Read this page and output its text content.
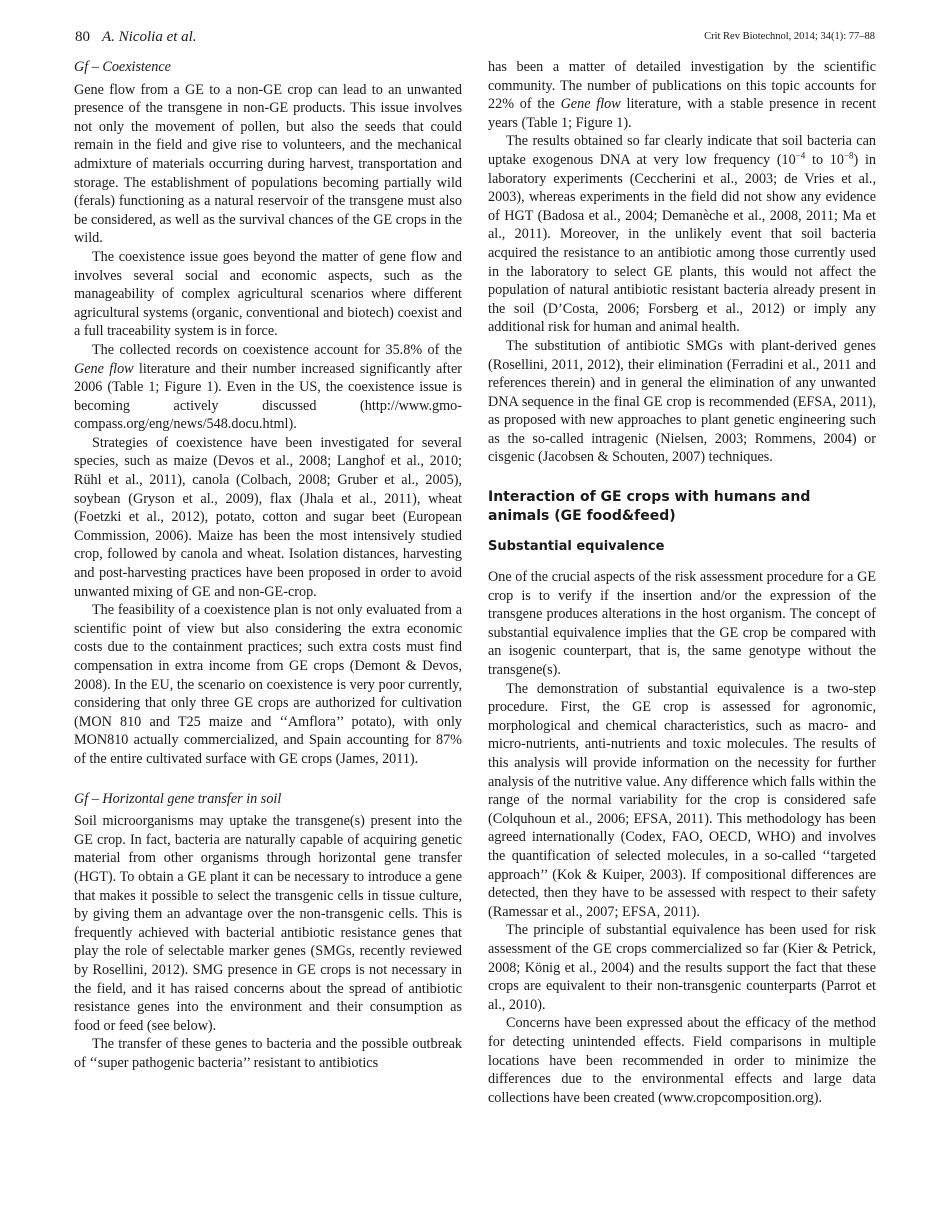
80 A. Nicolia et al.	Crit Rev Biotechnol, 2014; 34(1): 77–88
Gf – Coexistence

Gene flow from a GE to a non-GE crop can lead to an unwanted presence of the transgene in non-GE products. This issue involves not only the movement of pollen, but also the seeds that could remain in the field and give rise to volunteers, and the mechanical admixture of materials occurring during harvest, transportation and storage. The establishment of populations becoming partially wild (ferals) functioning as a natural reservoir of the transgene must also be considered, as well as the survival chances of the GE crops in the wild.

The coexistence issue goes beyond the matter of gene flow and involves several social and economic aspects, such as the manageability of complex agricultural scenarios where different agricultural systems (organic, conventional and biotech) coexist and a full traceability system is in force.

The collected records on coexistence account for 35.8% of the Gene flow literature and their number increased significantly after 2006 (Table 1; Figure 1). Even in the US, the coexistence issue is becoming actively discussed (http://www.gmo-compass.org/eng/news/548.docu.html).

Strategies of coexistence have been investigated for several species, such as maize (Devos et al., 2008; Langhof et al., 2010; Rühl et al., 2011), canola (Colbach, 2008; Gruber et al., 2005), soybean (Gryson et al., 2009), flax (Jhala et al., 2011), wheat (Foetzki et al., 2012), potato, cotton and sugar beet (European Commission, 2006). Maize has been the most intensively studied crop, followed by canola and wheat. Isolation distances, harvesting and post-harvesting practices have been proposed in order to avoid unwanted mixing of GE and non-GE-crop.

The feasibility of a coexistence plan is not only evaluated from a scientific point of view but also considering the extra economic costs due to the containment practices; such extra costs must find compensation in extra income from GE crops (Demont & Devos, 2008). In the EU, the scenario on coexistence is very poor currently, considering that only three GE crops are authorized for cultivation (MON 810 and T25 maize and ‘‘Amflora’’ potato), with only MON810 actually commercialized, and Spain accounting for 87% of the entire cultivated surface with GE crops (James, 2011).

Gf – Horizontal gene transfer in soil

Soil microorganisms may uptake the transgene(s) present into the GE crop. In fact, bacteria are naturally capable of acquiring genetic material from other organisms through horizontal gene transfer (HGT). To obtain a GE plant it can be necessary to introduce a gene that makes it possible to select the transgenic cells in tissue culture, by giving them an advantage over the non-transgenic cells. This is frequently achieved with bacterial antibiotic resistance genes that play the role of selectable marker genes (SMGs, recently reviewed by Rosellini, 2012). SMG presence in GE crops is not necessary in the field, and it has raised concerns about the spread of antibiotic resistance genes into the environment and their consumption as food or feed (see below).

The transfer of these genes to bacteria and the possible outbreak of ‘‘super pathogenic bacteria’’ resistant to antibiotics

has been a matter of detailed investigation by the scientific community. The number of publications on this topic accounts for 22% of the Gene flow literature, with a stable presence in recent years (Table 1; Figure 1).

The results obtained so far clearly indicate that soil bacteria can uptake exogenous DNA at very low frequency ($10^{-4}$ to $10^{-8}$) in laboratory experiments (Ceccherini et al., 2003; de Vries et al., 2003), whereas experiments in the field did not show any evidence of HGT (Badosa et al., 2004; Demanèche et al., 2008, 2011; Ma et al., 2011). Moreover, in the unlikely event that soil bacteria acquired the resistance to an antibiotic among those currently used in the laboratory to select GE plants, this would not affect the population of natural antibiotic resistant bacteria already present in the soil (D’Costa, 2006; Forsberg et al., 2012) or imply any additional risk for human and animal health.

The substitution of antibiotic SMGs with plant-derived genes (Rosellini, 2011, 2012), their elimination (Ferradini et al., 2011 and references therein) and in general the elimination of any unwanted DNA sequence in the final GE crop is recommended (EFSA, 2011), as proposed with new approaches to plant genetic engineering such as the so-called intragenic (Nielsen, 2003; Rommens, 2004) or cisgenic (Jacobsen & Schouten, 2007) techniques.

Interaction of GE crops with humans and animals (GE food&feed)
Substantial equivalence

One of the crucial aspects of the risk assessment procedure for a GE crop is to verify if the insertion and/or the expression of the transgene produces alterations in the host organism. The concept of substantial equivalence implies that the GE crop be compared with an isogenic counterpart, that is, the same genotype without the transgene(s).

The demonstration of substantial equivalence is a two-step procedure. First, the GE crop is assessed for agronomic, morphological and chemical characteristics, such as macro- and micro-nutrients, anti-nutrients and toxic molecules. The results of this analysis will provide information on the necessity for further analysis of the nutritive value. Any difference which falls within the range of the normal variability for the crop is considered safe (Colquhoun et al., 2006; EFSA, 2011). This methodology has been agreed internationally (Codex, FAO, OECD, WHO) and involves the quantification of selected molecules, in a so-called ‘‘targeted approach’’ (Kok & Kuiper, 2003). If compositional differences are detected, then they have to be assessed with respect to their safety (Ramessar et al., 2007; EFSA, 2011).

The principle of substantial equivalence has been used for risk assessment of the GE crops commercialized so far (Kier & Petrick, 2008; König et al., 2004) and the results support the fact that these crops are equivalent to their non-transgenic counterparts (Parrot et al., 2010).

Concerns have been expressed about the efficacy of the method for detecting unintended effects. Field comparisons in multiple locations have been recommended in order to minimize the differences due to the environmental effects and large data collections have been created (www.cropcomposition.org).
